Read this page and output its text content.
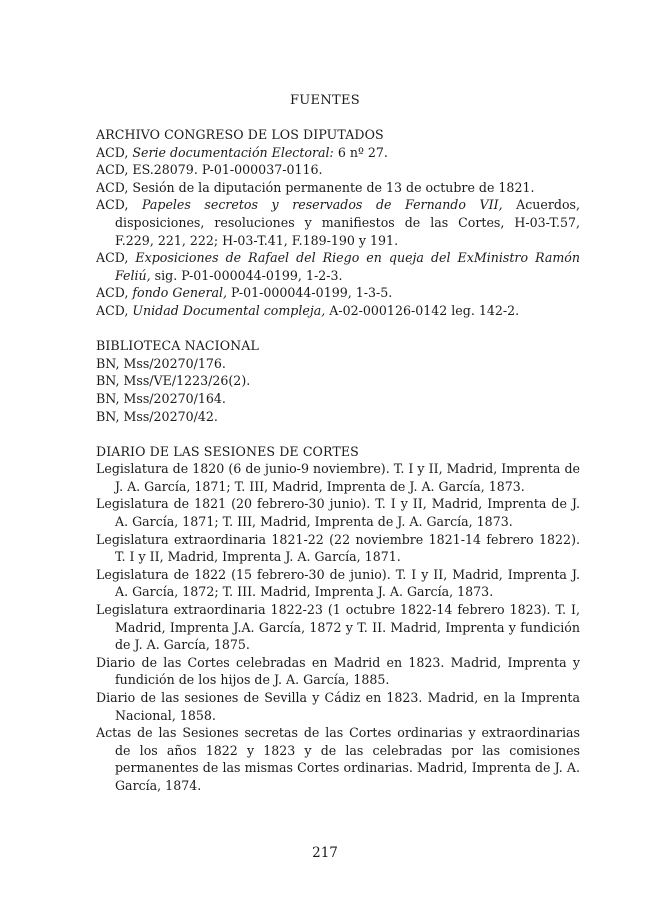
FUENTES

ARCHIVO CONGRESO DE LOS DIPUTADOS

ACD, Serie documentación Electoral: 6 nº 27.

ACD, ES.28079. P-01-000037-0116.

ACD, Sesión de la diputación permanente de 13 de octubre de 1821.

ACD, Papeles secretos y reservados de Fernando VII, Acuerdos, disposiciones, resoluciones y manifiestos de las Cortes, H-03-T.57, F.229, 221, 222; H-03-T.41, F.189-190 y 191.

ACD, Exposiciones de Rafael del Riego en queja del ExMinistro Ramón Feliú, sig. P-01-000044-0199, 1-2-3.

ACD, fondo General, P-01-000044-0199, 1-3-5.

ACD, Unidad Documental compleja, A-02-000126-0142 leg. 142-2.

BIBLIOTECA NACIONAL

BN, Mss/20270/176.

BN, Mss/VE/1223/26(2).

BN, Mss/20270/164.

BN, Mss/20270/42.

DIARIO DE LAS SESIONES DE CORTES

Legislatura de 1820 (6 de junio-9 noviembre). T. I y II, Madrid, Imprenta de J. A. García, 1871; T. III, Madrid, Imprenta de J. A. García, 1873.

Legislatura de 1821 (20 febrero-30 junio). T. I y II, Madrid, Imprenta de J. A. García, 1871; T. III, Madrid, Imprenta de J. A. García, 1873.

Legislatura extraordinaria 1821-22 (22 noviembre 1821-14 febrero 1822). T. I y II, Madrid, Imprenta J. A. García, 1871.

Legislatura de 1822 (15 febrero-30 de junio). T. I y II, Madrid, Imprenta J. A. García, 1872; T. III. Madrid, Imprenta J. A. García, 1873.

Legislatura extraordinaria 1822-23 (1 octubre 1822-14 febrero 1823). T. I, Madrid, Imprenta J.A. García, 1872 y T. II. Madrid, Imprenta y fundición de J. A. García, 1875.

Diario de las Cortes celebradas en Madrid en 1823. Madrid, Imprenta y fundición de los hijos de J. A. García, 1885.

Diario de las sesiones de Sevilla y Cádiz en 1823. Madrid, en la Imprenta Nacional, 1858.

Actas de las Sesiones secretas de las Cortes ordinarias y extraordinarias de los años 1822 y 1823 y de las celebradas por las comisiones permanentes de las mismas Cortes ordinarias. Madrid, Imprenta de J. A. García, 1874.

217
